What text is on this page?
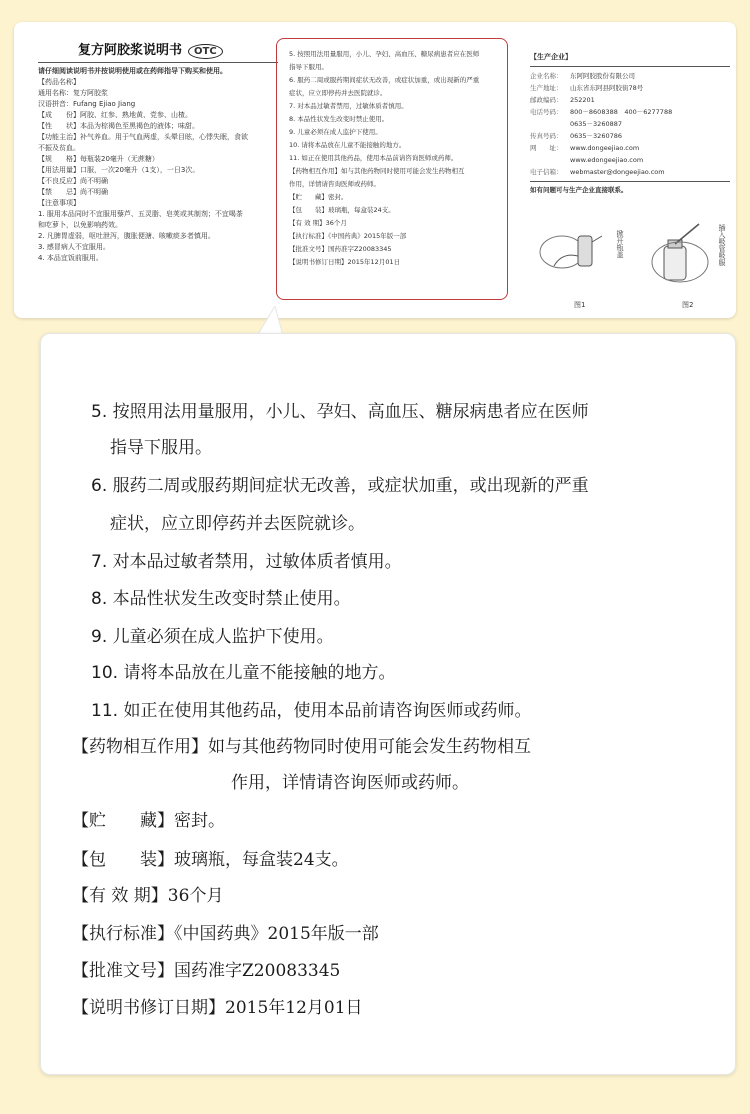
复方阿胶浆说明书 OTC
请仔细阅读说明书并按说明使用或在药师指导下购买和使用。
【药品名称】
通用名称：复方阿胶浆
汉语拼音：Fufang Ejiao Jiang
【成　　份】阿胶、红参、熟地黄、党参、山楂。
【性　　状】本品为棕褐色至黑褐色的液体；味甜。
【功能主治】补气养血。用于气血两虚，头晕目眩，心悸失眠，食欲
不振及贫血。
【规　　格】每瓶装20毫升（无蔗糖）
【用法用量】口服，一次20毫升（1支），一日3次。
【不良反应】尚不明确
【禁　　忌】尚不明确
【注意事项】
1. 服用本品同时不宜服用藜芦、五灵脂、皂荚或其制剂；不宜喝茶
和吃萝卜，以免影响药效。
2. 凡脾胃虚弱，呕吐泄泻，腹胀便溏、咳嗽痰多者慎用。
3. 感冒病人不宜服用。
4. 本品宜饭前服用。

5. 按照用法用量服用，小儿、孕妇、高血压、糖尿病患者应在医师

指导下服用。

6. 服药二周或服药期间症状无改善，或症状加重，或出现新的严重

症状，应立即停药并去医院就诊。

7. 对本品过敏者禁用，过敏体质者慎用。

8. 本品性状发生改变时禁止使用。

9. 儿童必须在成人监护下使用。

10. 请将本品放在儿童不能接触的地方。

11. 如正在使用其他药品，使用本品前请咨询医师或药师。

【药物相互作用】如与其他药物同时使用可能会发生药物相互

作用，详情请咨询医师或药师。

【贮　　藏】密封。

【包　　装】玻璃瓶，每盒装24支。

【有 效 期】36个月

【执行标准】《中国药典》2015年版一部

【批准文号】国药准字Z20083345

【说明书修订日期】2015年12月01日

【生产企业】
企业名称：	东阿阿胶股份有限公司
生产地址：	山东省东阿县阿胶街78号
邮政编码：	252201
电话号码：	800－8608388　400－6277788
0635－3260887
传真号码：	0635－3260786
网　　址：	www.dongeejiao.com
www.edongeejiao.com
电子信箱：	webmaster@dongeejiao.com
如有问题可与生产企业直接联系。
掀开瓶盖
图1
插入吸管吸服
图2
5. 按照用法用量服用，小儿、孕妇、高血压、糖尿病患者应在医师
指导下服用。
6. 服药二周或服药期间症状无改善，或症状加重，或出现新的严重
症状，应立即停药并去医院就诊。
7. 对本品过敏者禁用，过敏体质者慎用。
8. 本品性状发生改变时禁止使用。
9. 儿童必须在成人监护下使用。
10. 请将本品放在儿童不能接触的地方。
11. 如正在使用其他药品，使用本品前请咨询医师或药师。
【药物相互作用】如与其他药物同时使用可能会发生药物相互
作用，详情请咨询医师或药师。
【贮　　藏】密封。
【包　　装】玻璃瓶，每盒装24支。
【有 效 期】36个月
【执行标准】《中国药典》2015年版一部
【批准文号】国药准字Z20083345
【说明书修订日期】2015年12月01日
